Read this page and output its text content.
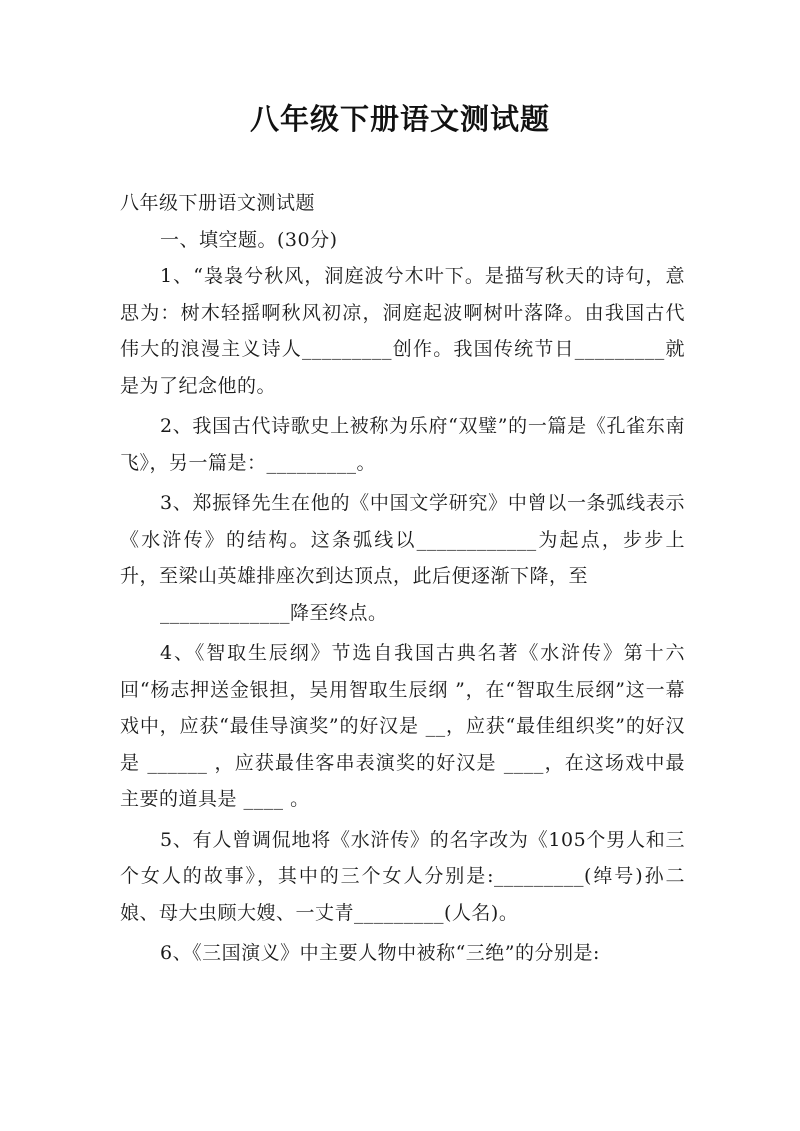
八年级下册语文测试题

八年级下册语文测试题

一、填空题。(30分)

1、“袅袅兮秋风，洞庭波兮木叶下。是描写秋天的诗句，意思为：树木轻摇啊秋风初凉，洞庭起波啊树叶落降。由我国古代伟大的浪漫主义诗人_________创作。我国传统节日_________就是为了纪念他的。

2、我国古代诗歌史上被称为乐府“双璧”的一篇是《孔雀东南飞》，另一篇是：_________。

3、郑振铎先生在他的《中国文学研究》中曾以一条弧线表示《水浒传》的结构。这条弧线以____________为起点，步步上升，至梁山英雄排座次到达顶点，此后便逐渐下降，至

_____________降至终点。

4、《智取生辰纲》节选自我国古典名著《水浒传》第十六回“杨志押送金银担，吴用智取生辰纲 ”，在“智取生辰纲”这一幕戏中，应获“最佳导演奖”的好汉是 __，应获“最佳组织奖”的好汉是 ______ ，应获最佳客串表演奖的好汉是 ____，在这场戏中最主要的道具是 ____ 。

5、有人曾调侃地将《水浒传》的名字改为《105个男人和三个女人的故事》，其中的三个女人分别是:_________(绰号)孙二娘、母大虫顾大嫂、一丈青_________(人名)。

6、《三国演义》中主要人物中被称“三绝”的分别是:
